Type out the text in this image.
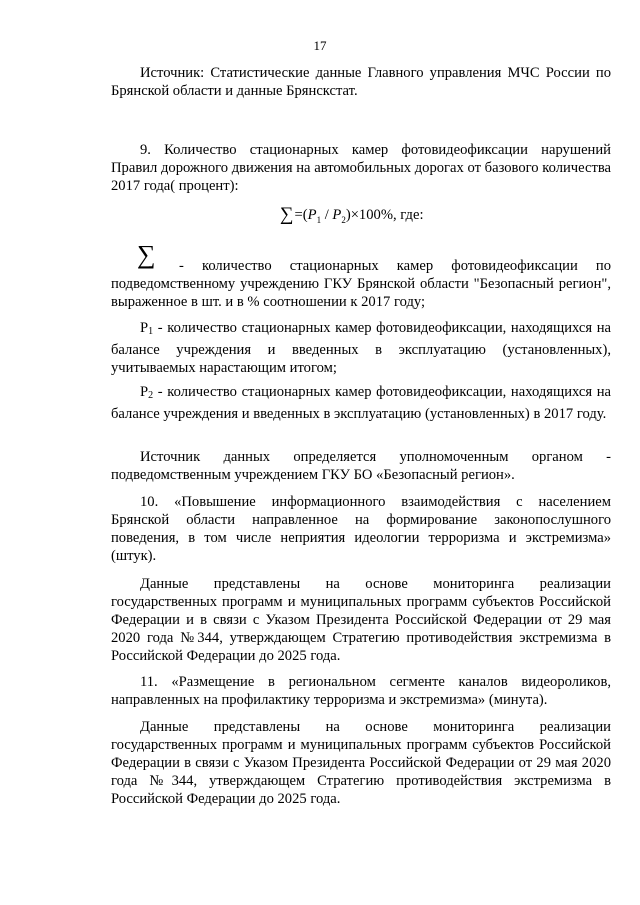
17

Источник: Статистические данные Главного управления МЧС России по Брянской области и данные Брянскстат.

9. Количество стационарных камер фотовидеофиксации нарушений Правил дорожного движения на автомобильных дорогах от базового количества 2017 года( процент):

$\sum=(P_1 / P_2)\times 100\%$, где:
∑	- количество стационарных камер фотовидеофиксации по подведомственному учреждению ГКУ Брянской области "Безопасный регион", выраженное в шт. и в % соотношении к 2017 году;

P1 - количество стационарных камер фотовидеофиксации, находящихся на балансе учреждения и введенных в эксплуатацию (установленных), учитываемых нарастающим итогом;

P2 - количество стационарных камер фотовидеофиксации, находящихся на балансе учреждения и введенных в эксплуатацию (установленных) в 2017 году.

Источник данных определяется уполномоченным органом - подведомственным учреждением ГКУ БО «Безопасный регион».

10. «Повышение информационного взаимодействия с населением Брянской области направленное на формирование законопослушного поведения, в том числе неприятия идеологии терроризма и экстремизма» (штук).

Данные представлены на основе мониторинга реализации государственных программ и муниципальных программ субъектов Российской Федерации и в связи с Указом Президента Российской Федерации от 29 мая 2020 года №344, утверждающем Стратегию противодействия экстремизма в Российской Федерации до 2025 года.

11. «Размещение в региональном сегменте каналов видеороликов, направленных на профилактику терроризма и экстремизма» (минута).

Данные представлены на основе мониторинга реализации государственных программ и муниципальных программ субъектов Российской Федерации в связи с Указом Президента Российской Федерации от 29 мая 2020 года №344, утверждающем Стратегию противодействия экстремизма в Российской Федерации до 2025 года.
